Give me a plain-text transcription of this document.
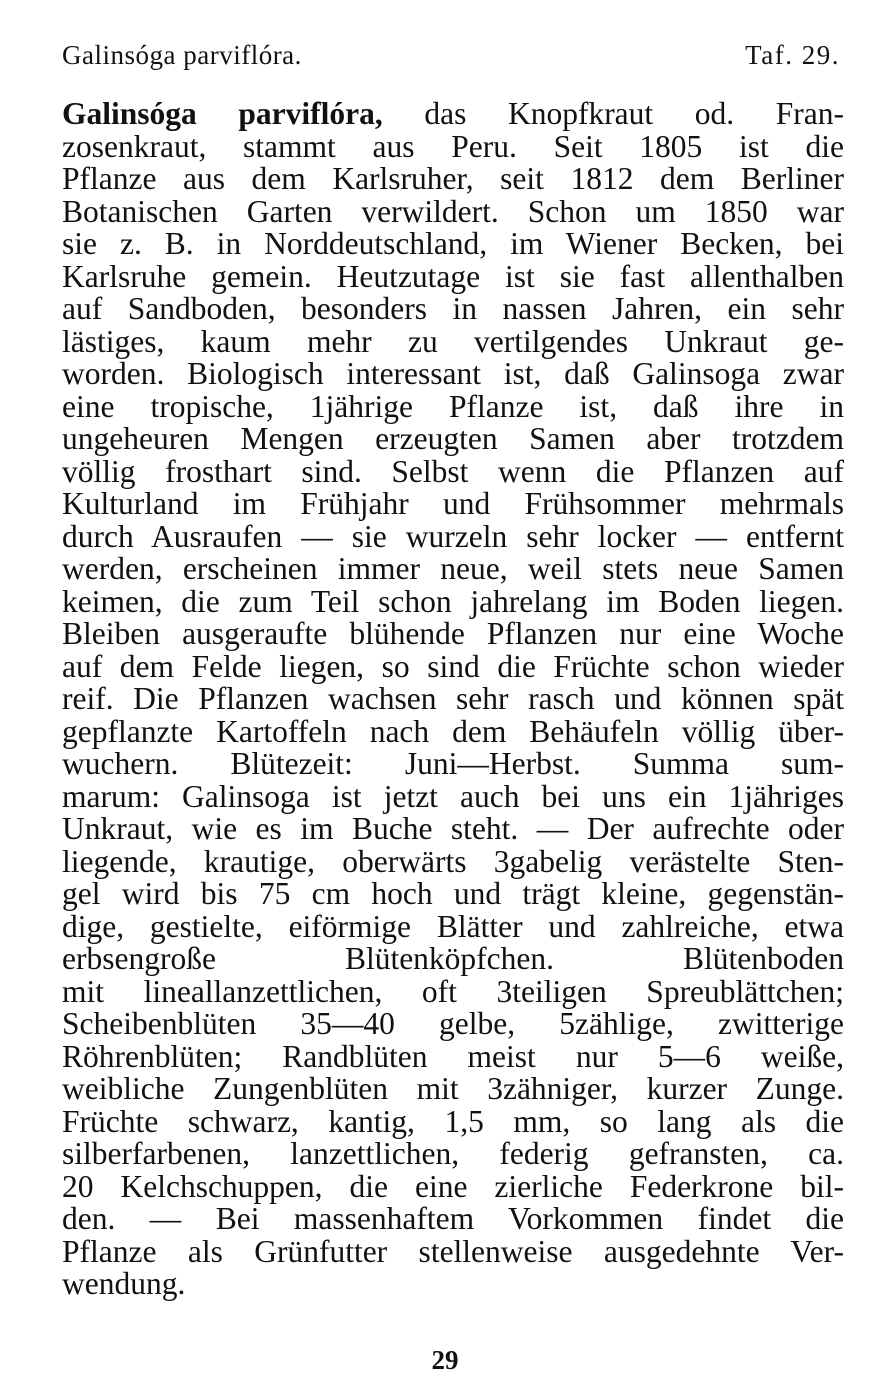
Galinsóga parviflóra.	Taf. 29.
Galinsóga parviflóra, das Knopfkraut od. Fran-
zosenkraut, stammt aus Peru. Seit 1805 ist die
Pflanze aus dem Karlsruher, seit 1812 dem Berliner
Botanischen Garten verwildert. Schon um 1850 war
sie z. B. in Norddeutschland, im Wiener Becken, bei
Karlsruhe gemein. Heutzutage ist sie fast allenthalben
auf Sandboden, besonders in nassen Jahren, ein sehr
lästiges, kaum mehr zu vertilgendes Unkraut ge-
worden. Biologisch interessant ist, daß Galinsoga zwar
eine tropische, 1jährige Pflanze ist, daß ihre in
ungeheuren Mengen erzeugten Samen aber trotzdem
völlig frosthart sind. Selbst wenn die Pflanzen auf
Kulturland im Frühjahr und Frühsommer mehrmals
durch Ausraufen — sie wurzeln sehr locker — entfernt
werden, erscheinen immer neue, weil stets neue Samen
keimen, die zum Teil schon jahrelang im Boden liegen.
Bleiben ausgeraufte blühende Pflanzen nur eine Woche
auf dem Felde liegen, so sind die Früchte schon wieder
reif. Die Pflanzen wachsen sehr rasch und können spät
gepflanzte Kartoffeln nach dem Behäufeln völlig über-
wuchern. Blütezeit: Juni—Herbst. Summa sum-
marum: Galinsoga ist jetzt auch bei uns ein 1jähriges
Unkraut, wie es im Buche steht. — Der aufrechte oder
liegende, krautige, oberwärts 3gabelig verästelte Sten-
gel wird bis 75 cm hoch und trägt kleine, gegenstän-
dige, gestielte, eiförmige Blätter und zahlreiche, etwa
erbsengroße Blütenköpfchen. Blütenboden
mit lineallanzettlichen, oft 3teiligen Spreublättchen;
Scheibenblüten 35—40 gelbe, 5zählige, zwitterige
Röhrenblüten; Randblüten meist nur 5—6 weiße,
weibliche Zungenblüten mit 3zähniger, kurzer Zunge.
Früchte schwarz, kantig, 1,5 mm, so lang als die
silberfarbenen, lanzettlichen, federig gefransten, ca.
20 Kelchschuppen, die eine zierliche Federkrone bil-
den. — Bei massenhaftem Vorkommen findet die
Pflanze als Grünfutter stellenweise ausgedehnte Ver-
wendung.
29
